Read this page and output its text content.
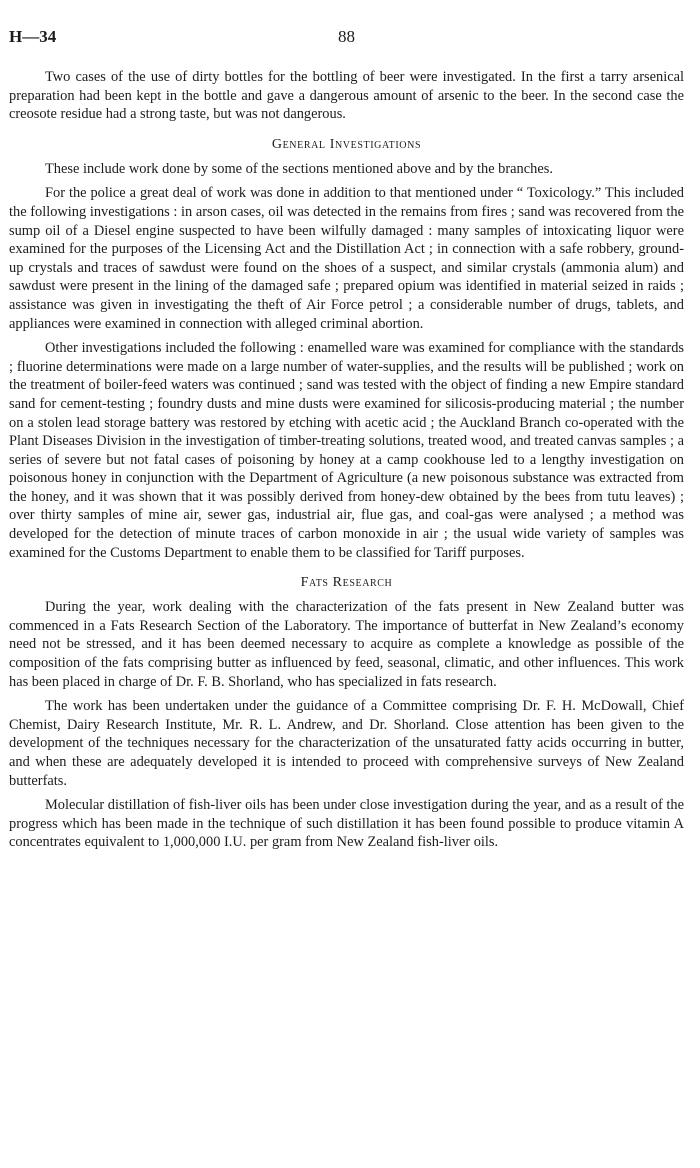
H—34	88

Two cases of the use of dirty bottles for the bottling of beer were investigated. In the first a tarry arsenical preparation had been kept in the bottle and gave a dangerous amount of arsenic to the beer. In the second case the creosote residue had a strong taste, but was not dangerous.

General Investigations

These include work done by some of the sections mentioned above and by the branches.

For the police a great deal of work was done in addition to that mentioned under “ Toxicology.” This included the following investigations : in arson cases, oil was detected in the remains from fires ; sand was recovered from the sump oil of a Diesel engine suspected to have been wilfully damaged : many samples of intoxicating liquor were examined for the purposes of the Licensing Act and the Distillation Act ; in connection with a safe robbery, ground-up crystals and traces of sawdust were found on the shoes of a suspect, and similar crystals (ammonia alum) and sawdust were present in the lining of the damaged safe ; prepared opium was identified in material seized in raids ; assistance was given in investigating the theft of Air Force petrol ; a considerable number of drugs, tablets, and appliances were examined in connection with alleged criminal abortion.

Other investigations included the following : enamelled ware was examined for compliance with the standards ; fluorine determinations were made on a large number of water-supplies, and the results will be published ; work on the treatment of boiler-feed waters was continued ; sand was tested with the object of finding a new Empire standard sand for cement-testing ; foundry dusts and mine dusts were examined for silicosis-producing material ; the number on a stolen lead storage battery was restored by etching with acetic acid ; the Auckland Branch co-operated with the Plant Diseases Division in the investigation of timber-treating solutions, treated wood, and treated canvas samples ; a series of severe but not fatal cases of poisoning by honey at a camp cookhouse led to a lengthy investigation on poisonous honey in conjunction with the Department of Agriculture (a new poisonous substance was extracted from the honey, and it was shown that it was possibly derived from honey-dew obtained by the bees from tutu leaves) ; over thirty samples of mine air, sewer gas, industrial air, flue gas, and coal-gas were analysed ; a method was developed for the detection of minute traces of carbon monoxide in air ; the usual wide variety of samples was examined for the Customs Department to enable them to be classified for Tariff purposes.

Fats Research

During the year, work dealing with the characterization of the fats present in New Zealand butter was commenced in a Fats Research Section of the Laboratory. The importance of butterfat in New Zealand’s economy need not be stressed, and it has been deemed necessary to acquire as complete a knowledge as possible of the composition of the fats comprising butter as influenced by feed, seasonal, climatic, and other influences. This work has been placed in charge of Dr. F. B. Shorland, who has specialized in fats research.

The work has been undertaken under the guidance of a Committee comprising Dr. F. H. McDowall, Chief Chemist, Dairy Research Institute, Mr. R. L. Andrew, and Dr. Shorland. Close attention has been given to the development of the techniques necessary for the characterization of the unsaturated fatty acids occurring in butter, and when these are adequately developed it is intended to proceed with comprehensive surveys of New Zealand butterfats.

Molecular distillation of fish-liver oils has been under close investigation during the year, and as a result of the progress which has been made in the technique of such distillation it has been found possible to produce vitamin A concentrates equivalent to 1,000,000 I.U. per gram from New Zealand fish-liver oils.
